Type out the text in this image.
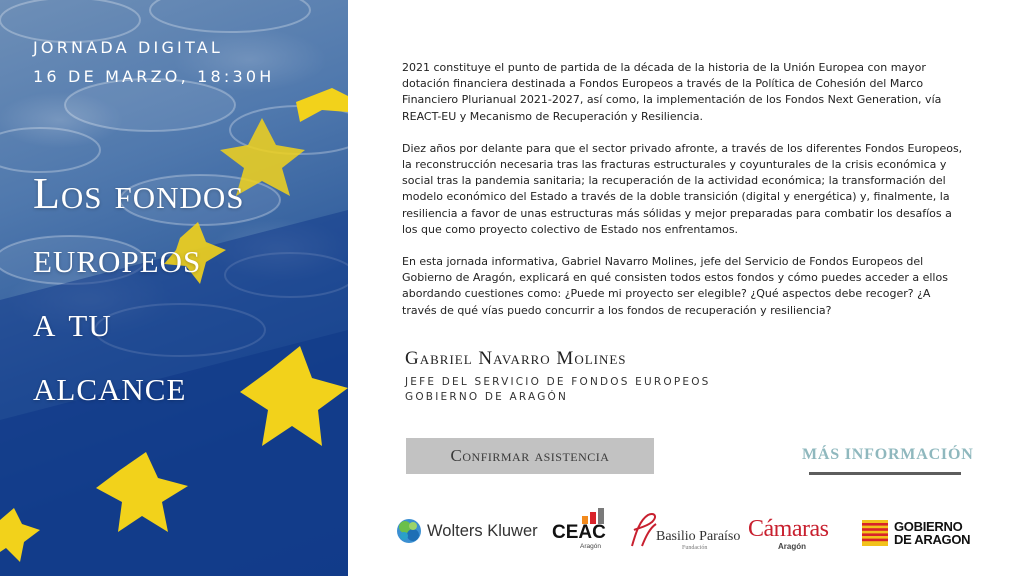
JORNADA DIGITAL
16 DE MARZO, 18:30H
Los fondos
europeos
a tu
alcance

2021 constituye el punto de partida de la década de la historia de la Unión Europea con mayor dotación financiera destinada a Fondos Europeos a través de la Política de Cohesión del Marco Financiero Plurianual 2021-2027, así como, la implementación de los Fondos Next Generation, vía REACT-EU y Mecanismo de Recuperación y Resiliencia.

Diez años por delante para que el sector privado afronte, a través de los diferentes Fondos Europeos, la reconstrucción necesaria tras las fracturas estructurales y coyunturales de la crisis económica y social tras la pandemia sanitaria; la recuperación de la actividad económica; la transformación del modelo económico del Estado a través de la doble transición (digital y energética) y, finalmente, la resiliencia a favor de unas estructuras más sólidas y mejor preparadas para combatir los desafíos a los que como proyecto colectivo de Estado nos enfrentamos.

En esta jornada informativa, Gabriel Navarro Molines, jefe del Servicio de Fondos Europeos del Gobierno de Aragón, explicará en qué consisten todos estos fondos y cómo puedes acceder a ellos abordando cuestiones como: ¿Puede mi proyecto ser elegible? ¿Qué aspectos debe recoger? ¿A través de qué vías puedo concurrir a los fondos de recuperación y resiliencia?

Gabriel Navarro Molines
JEFE DEL SERVICIO DE FONDOS EUROPEOS
GOBIERNO DE ARAGÓN
Confirmar asistencia	MÁS INFORMACIÓN
Wolters Kluwer CEAC
Aragón
Basilio Paraíso
Fundación
Cámaras
Aragón
GOBIERNO
DE ARAGON
